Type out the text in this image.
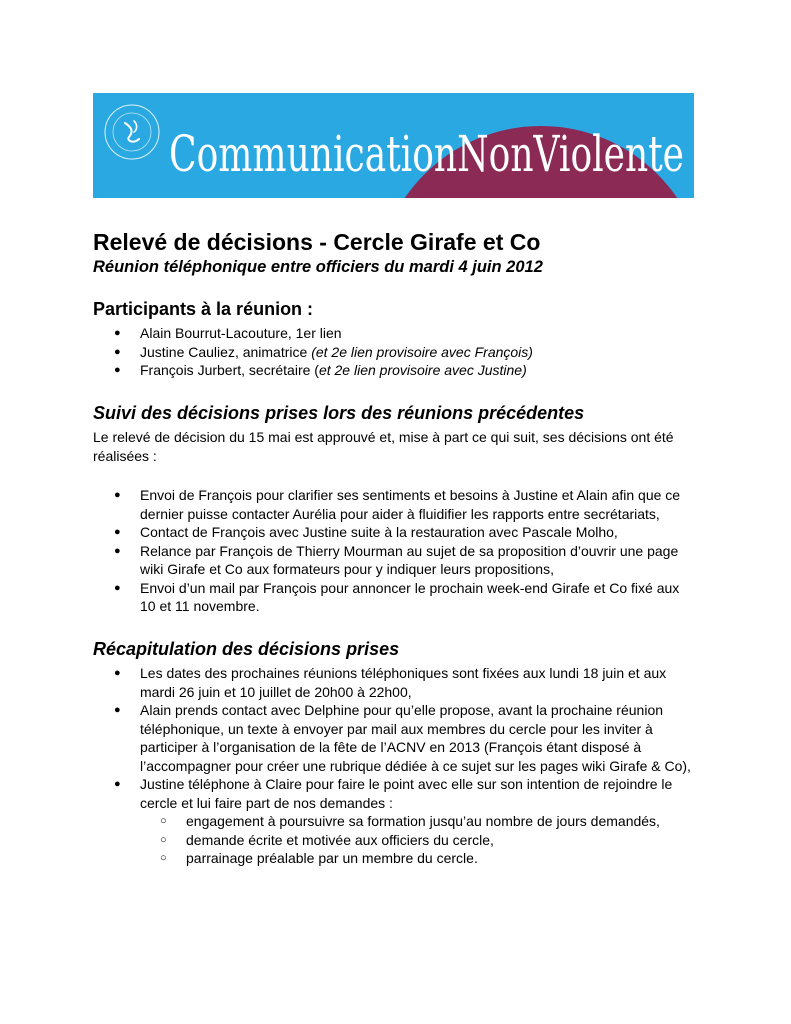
CommunicationNonViolente
Relevé de décisions - Cercle Girafe et Co

Réunion téléphonique entre officiers du mardi 4 juin 2012

Participants à la réunion :
● Alain Bourrut-Lacouture, 1er lien
● Justine Cauliez, animatrice (et 2e lien provisoire avec François)
● François Jurbert, secrétaire (et 2e lien provisoire avec Justine)
Suivi des décisions prises lors des réunions précédentes

Le relevé de décision du 15 mai est approuvé et, mise à part ce qui suit, ses décisions ont été réalisées :

● Envoi de François pour clarifier ses sentiments et besoins à Justine et Alain afin que ce dernier puisse contacter Aurélia pour aider à fluidifier les rapports entre secrétariats,
● Contact de François avec Justine suite à la restauration avec Pascale Molho,
● Relance par François de Thierry Mourman au sujet de sa proposition d’ouvrir une page wiki Girafe et Co aux formateurs pour y indiquer leurs propositions,
● Envoi d’un mail par François pour annoncer le prochain week-end Girafe et Co fixé aux 10 et 11 novembre.
Récapitulation des décisions prises
● Les dates des prochaines réunions téléphoniques sont fixées aux lundi 18 juin et aux mardi 26 juin et 10 juillet de 20h00 à 22h00,
● Alain prends contact avec Delphine pour qu’elle propose, avant la prochaine réunion téléphonique, un texte à envoyer par mail aux membres du cercle pour les inviter à participer à l’organisation de la fête de l’ACNV en 2013 (François étant disposé à l’accompagner pour créer une rubrique dédiée à ce sujet sur les pages wiki Girafe & Co),
● Justine téléphone à Claire pour faire le point avec elle sur son intention de rejoindre le cercle et lui faire part de nos demandes :
○ engagement à poursuivre sa formation jusqu’au nombre de jours demandés,
○ demande écrite et motivée aux officiers du cercle,
○ parrainage préalable par un membre du cercle.
